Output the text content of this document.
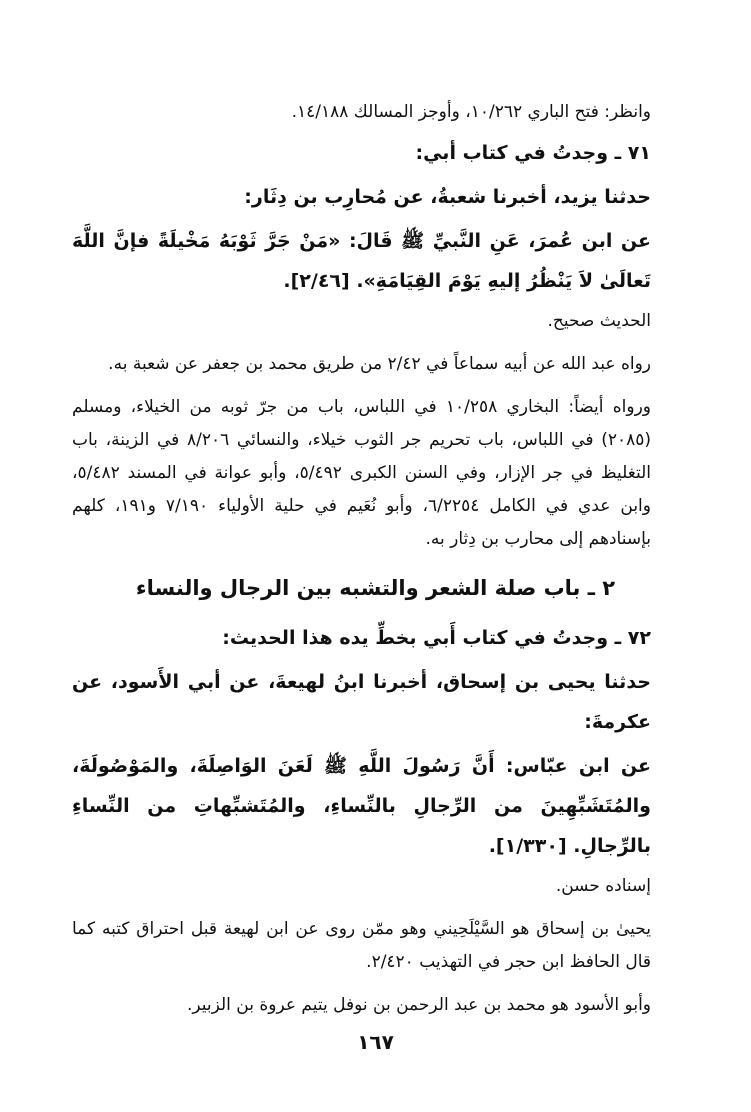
وانظر: فتح الباري ١٠/٢٦٢، وأوجز المسالك ١٤/١٨٨.

٧١ ـ وجدتُ في كتاب أبي:

حدثنا يزيد، أخبرنا شعبةُ، عن مُحارِب بن دِثَار:

عن ابن عُمرَ، عَنِ النَّبيِّ ﷺ قَالَ: «مَنْ جَرَّ ثَوْبَهُ مَخْيلَةً فإنَّ اللَّهَ تَعالَىٰ لاَ يَنْظُرُ إليهِ يَوْمَ القِيَامَةِ». [٢/٤٦].

الحديث صحيح.

رواه عبد الله عن أبيه سماعاً في ٢/٤٢ من طريق محمد بن جعفر عن شعبة به.

ورواه أيضاً: البخاري ١٠/٢٥٨ في اللباس، باب من جرّ ثوبه من الخيلاء، ومسلم (٢٠٨٥) في اللباس، باب تحريم جر الثوب خيلاء، والنسائي ٨/٢٠٦ في الزينة، باب التغليظ في جر الإزار، وفي السنن الكبرى ٥/٤٩٢، وأبو عوانة في المسند ٥/٤٨٢، وابن عدي في الكامل ٦/٢٢٥٤، وأبو نُعَيم في حلية الأولياء ٧/١٩٠ و١٩١، كلهم بإسنادهم إلى محارب بن دِثار به.

٢ ـ باب صلة الشعر والتشبه بين الرجال والنساء

٧٢ ـ وجدتُ في كتاب أَبي بخطِّ يده هذا الحديث:

حدثنا يحيى بن إسحاق، أخبرنا ابنُ لهيعةَ، عن أبي الأَسود، عن عكرمةَ:

عن ابن عبّاس: أَنَّ رَسُولَ اللَّهِ ﷺ لَعَنَ الوَاصِلَةَ، والمَوْصُولَةَ، والمُتَشَبِّهِينَ من الرِّجالِ بالنِّساءِ، والمُتَشبِّهاتِ من النِّساءِ بالرِّجالِ. [١/٣٣٠].

إسناده حسن.

يحيىٰ بن إسحاق هو السَّيْلَحِيني وهو ممّن روى عن ابن لهيعة قبل احتراق كتبه كما قال الحافظ ابن حجر في التهذيب ٢/٤٢٠.

وأبو الأسود هو محمد بن عبد الرحمن بن نوفل يتيم عروة بن الزبير.

١٦٧
